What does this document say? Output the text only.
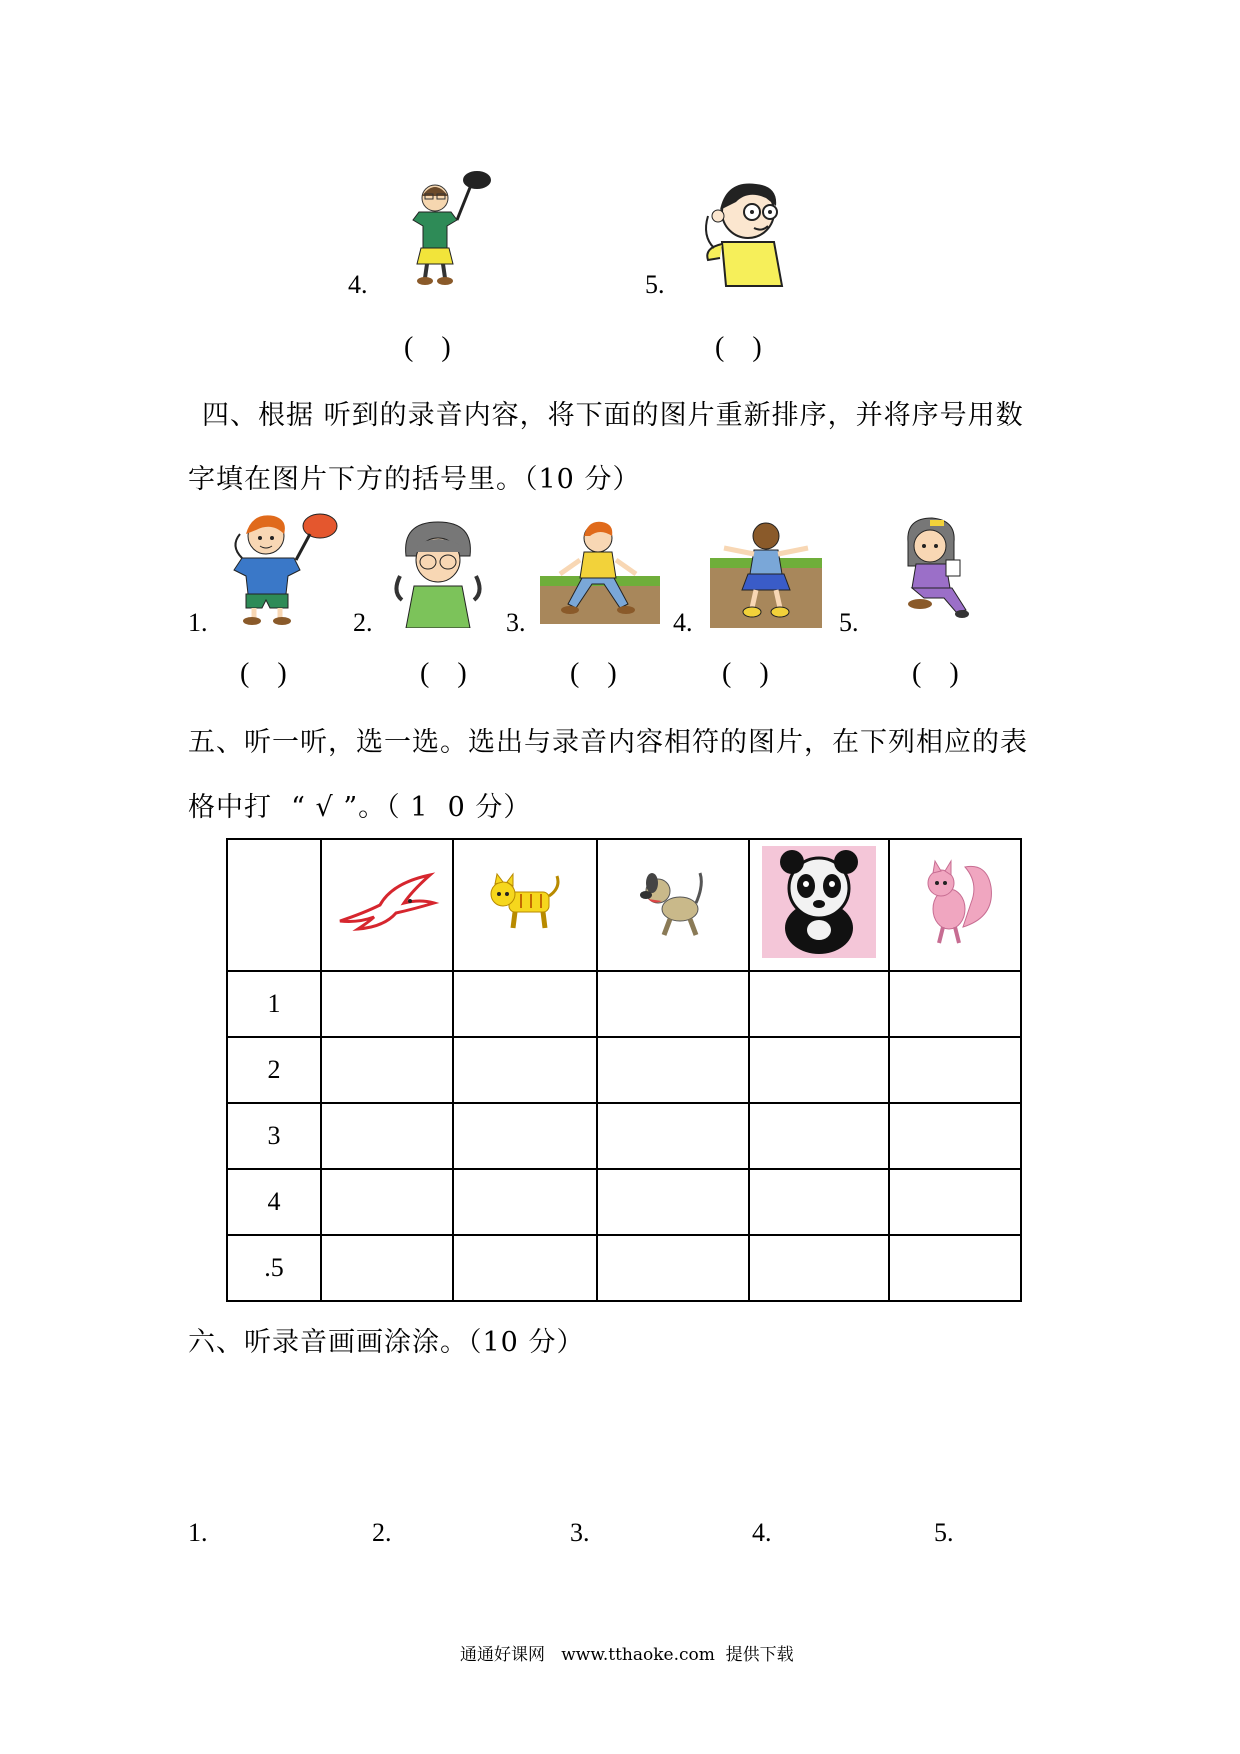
4.	5.
(    )	(    )
四、根据 听到的录音内容，将下面的图片重新排序，并将序号用数
字填在图片下方的括号里。（10 分）
1.	2.	3.	4.	5.
(    )	(    )	(    )	(    )	(    )
五、听一听，选一选。选出与录音内容相符的图片，在下列相应的表
格中打  “ √ ”。（ 1  0 分）

1					
2					
3					
4					
.5					
六、听录音画画涂涂。（10 分）
1.	2.	3.	4.	5.
通通好课网   www.tthaoke.com  提供下载
